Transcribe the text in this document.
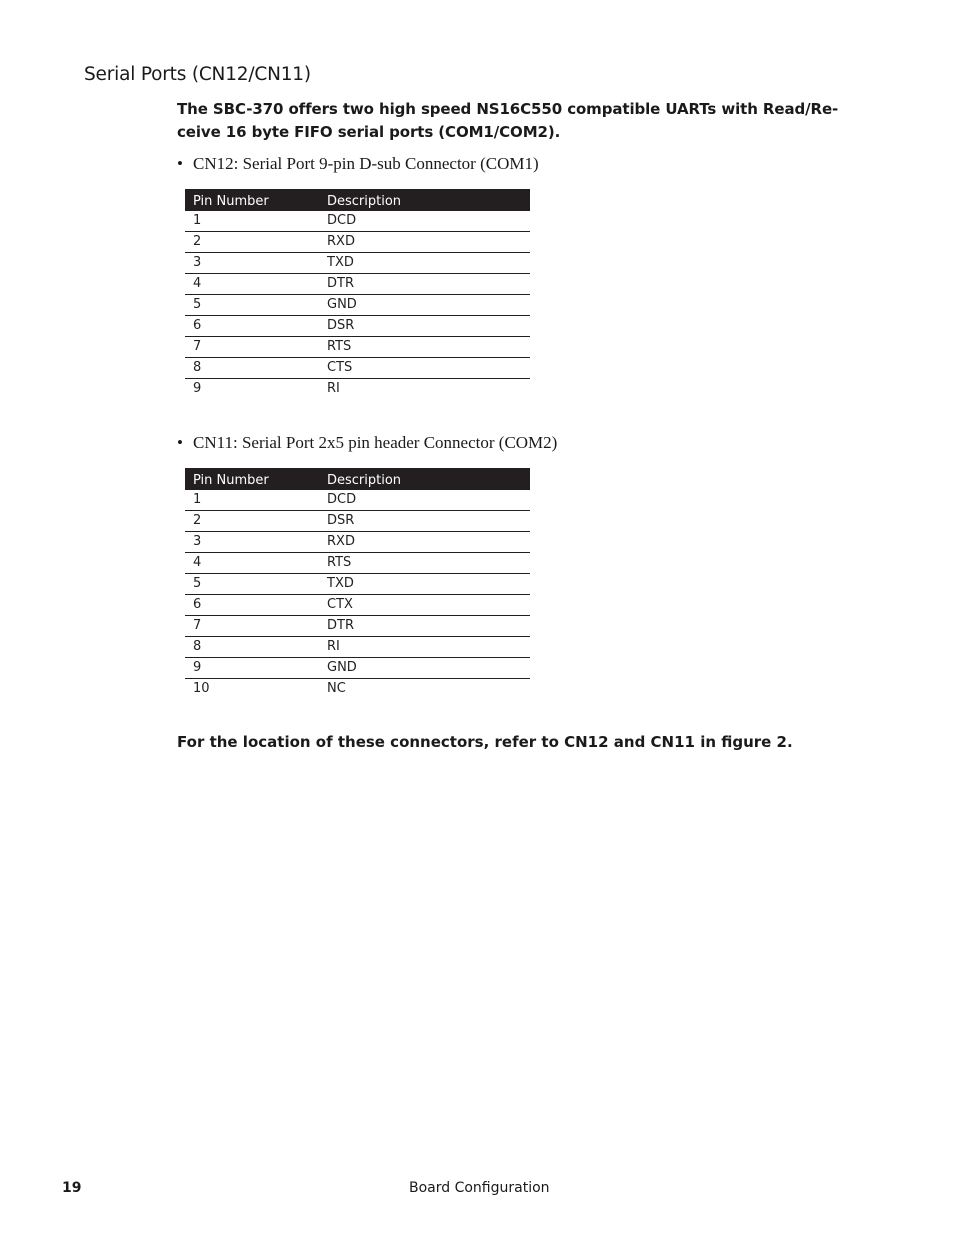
Serial Ports (CN12/CN11)

The SBC-370 offers two high speed NS16C550 compatible UARTs with Read/Re-ceive 16 byte FIFO serial ports (COM1/COM2).

• CN12: Serial Port 9-pin D-sub Connector (COM1)

Pin Number	Description
1	DCD
2	RXD
3	TXD
4	DTR
5	GND
6	DSR
7	RTS
8	CTS
9	RI

• CN11: Serial Port 2x5 pin header Connector (COM2)

Pin Number	Description
1	DCD
2	DSR
3	RXD
4	RTS
5	TXD
6	CTX
7	DTR
8	RI
9	GND
10	NC

For the location of these connectors, refer to CN12 and CN11 in figure 2.

19	Board Configuration
